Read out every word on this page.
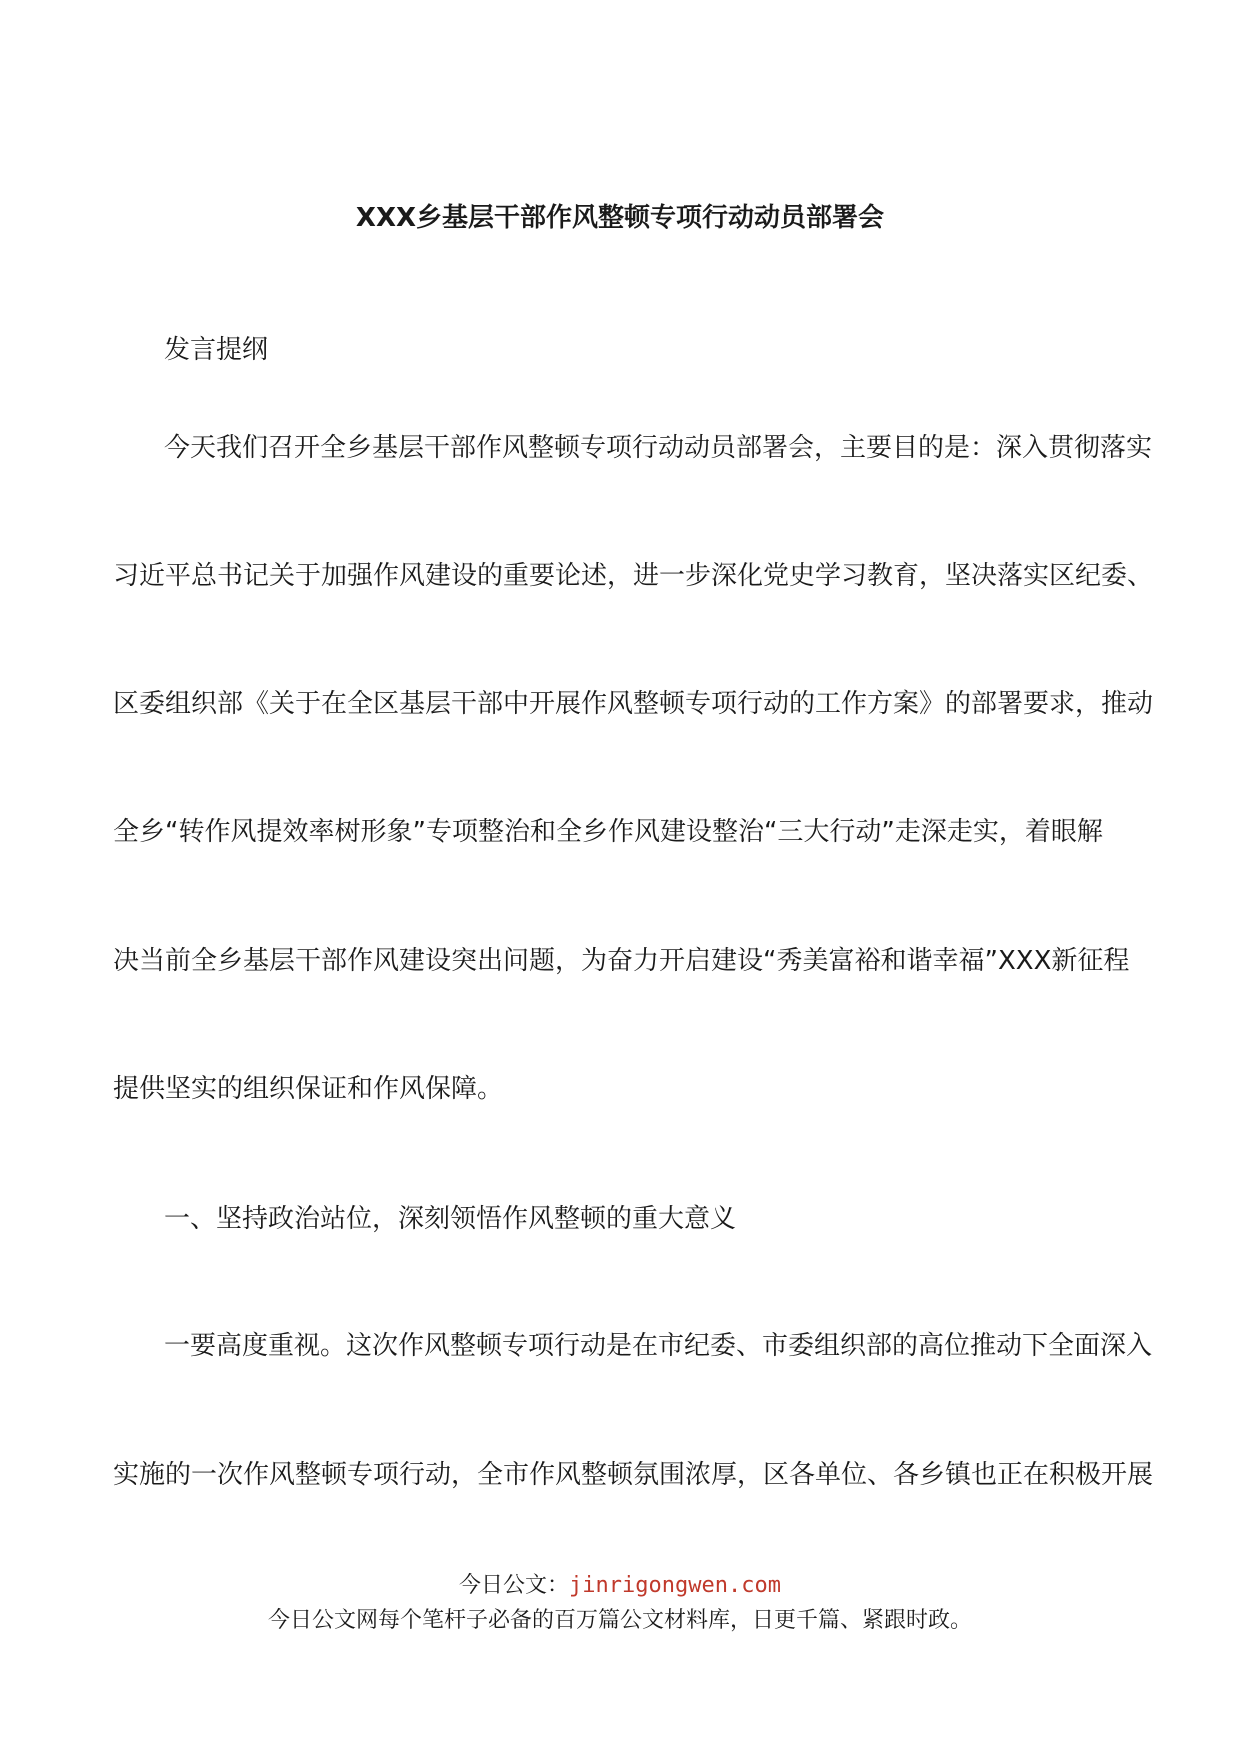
XXX乡基层干部作风整顿专项行动动员部署会

发言提纲

今天我们召开全乡基层干部作风整顿专项行动动员部署会，主要目的是：深入贯彻落实

习近平总书记关于加强作风建设的重要论述，进一步深化党史学习教育，坚决落实区纪委、

区委组织部《关于在全区基层干部中开展作风整顿专项行动的工作方案》的部署要求，推动

全乡“转作风提效率树形象”专项整治和全乡作风建设整治“三大行动”走深走实，着眼解

决当前全乡基层干部作风建设突出问题，为奋力开启建设“秀美富裕和谐幸福”XXX新征程

提供坚实的组织保证和作风保障。

一、坚持政治站位，深刻领悟作风整顿的重大意义

一要高度重视。这次作风整顿专项行动是在市纪委、市委组织部的高位推动下全面深入

实施的一次作风整顿专项行动，全市作风整顿氛围浓厚，区各单位、各乡镇也正在积极开展

今日公文：jinrigongwen.com
今日公文网每个笔杆子必备的百万篇公文材料库，日更千篇、紧跟时政。
